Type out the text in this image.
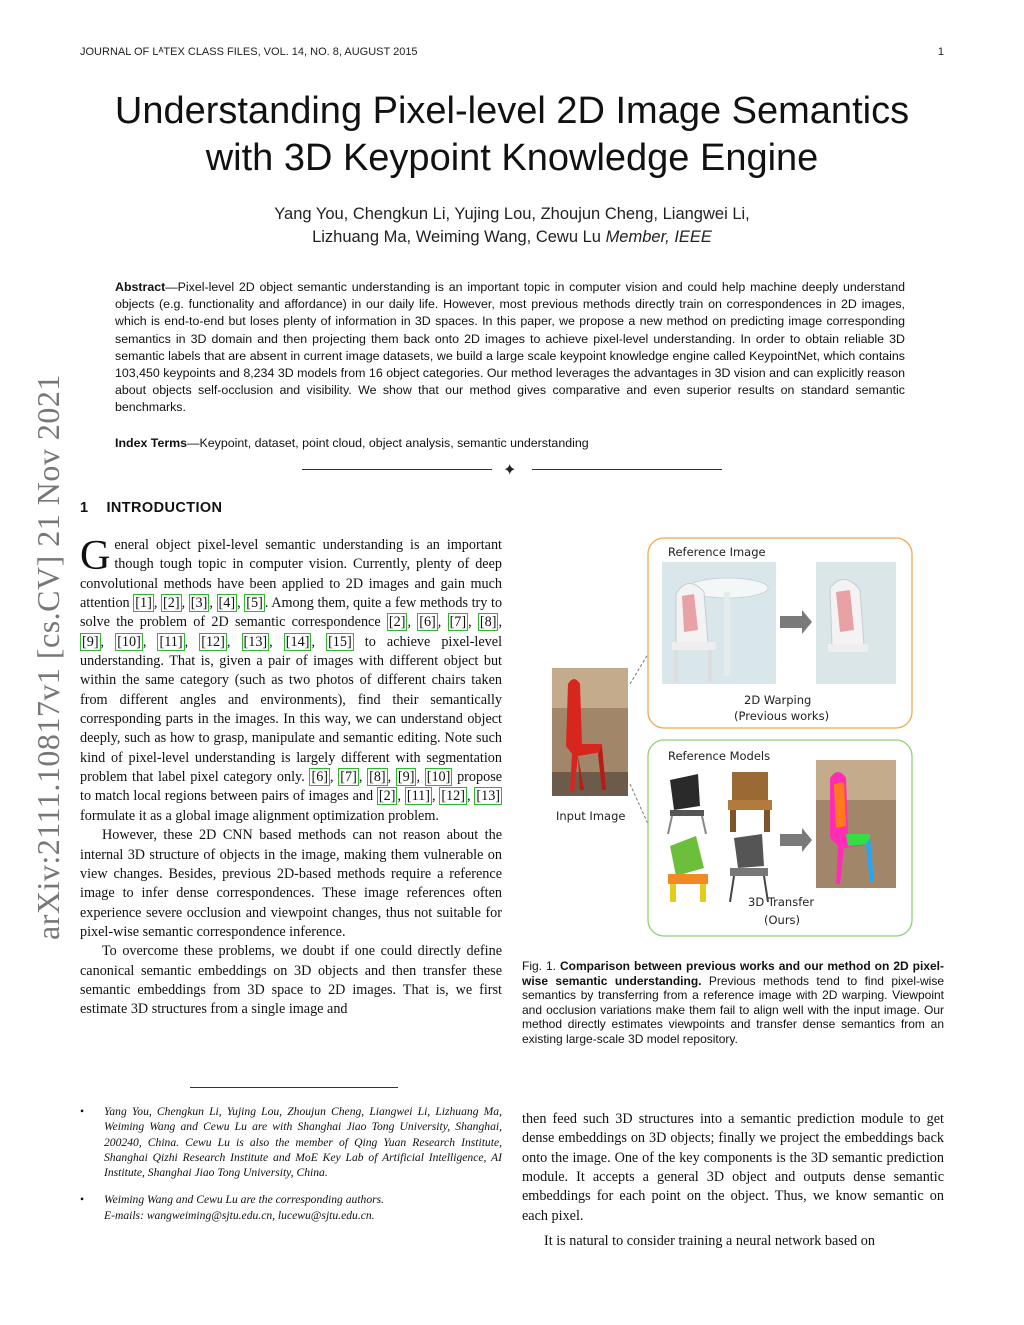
JOURNAL OF LᴬTEX CLASS FILES, VOL. 14, NO. 8, AUGUST 2015	1
arXiv:2111.10817v1 [cs.CV] 21 Nov 2021
Understanding Pixel-level 2D Image Semantics
with 3D Keypoint Knowledge Engine
Yang You, Chengkun Li, Yujing Lou, Zhoujun Cheng, Liangwei Li,
Lizhuang Ma, Weiming Wang, Cewu Lu Member, IEEE
Abstract—Pixel-level 2D object semantic understanding is an important topic in computer vision and could help machine deeply understand objects (e.g. functionality and affordance) in our daily life. However, most previous methods directly train on correspondences in 2D images, which is end-to-end but loses plenty of information in 3D spaces. In this paper, we propose a new method on predicting image corresponding semantics in 3D domain and then projecting them back onto 2D images to achieve pixel-level understanding. In order to obtain reliable 3D semantic labels that are absent in current image datasets, we build a large scale keypoint knowledge engine called KeypointNet, which contains 103,450 keypoints and 8,234 3D models from 16 object categories. Our method leverages the advantages in 3D vision and can explicitly reason about objects self-occlusion and visibility. We show that our method gives comparative and even superior results on standard semantic benchmarks.
Index Terms—Keypoint, dataset, point cloud, object analysis, semantic understanding
✦
1 INTRODUCTION

General object pixel-level semantic understanding is an important though tough topic in computer vision. Currently, plenty of deep convolutional methods have been applied to 2D images and gain much attention [1] , [2] , [3] , [4] , [5] . Among them, quite a few methods try to solve the problem of 2D semantic correspondence [2] , [6] , [7] , [8] , [9] , [10] , [11] , [12] , [13] , [14] , [15] to achieve pixel-level understanding. That is, given a pair of images with different object but within the same category (such as two photos of different chairs taken from different angles and environments), find their semantically corresponding parts in the images. In this way, we can understand object deeply, such as how to grasp, manipulate and semantic editing. Note such kind of pixel-level understanding is largely different with segmentation problem that label pixel category only. [6] , [7] , [8] , [9] , [10] propose to match local regions between pairs of images and [2] , [11] , [12] , [13] formulate it as a global image alignment optimization problem.

However, these 2D CNN based methods can not reason about the internal 3D structure of objects in the image, making them vulnerable on view changes. Besides, previous 2D-based methods require a reference image to infer dense correspondences. These image references often experience severe occlusion and viewpoint changes, thus not suitable for pixel-wise semantic correspondence inference.

To overcome these problems, we doubt if one could directly define canonical semantic embeddings on 3D objects and then transfer these semantic embeddings from 3D space to 2D images. That is, we first estimate 3D structures from a single image and

• Yang You, Chengkun Li, Yujing Lou, Zhoujun Cheng, Liangwei Li, Lizhuang Ma, Weiming Wang and Cewu Lu are with Shanghai Jiao Tong University, Shanghai, 200240, China. Cewu Lu is also the member of Qing Yuan Research Institute, Shanghai Qizhi Research Institute and MoE Key Lab of Artificial Intelligence, AI Institute, Shanghai Jiao Tong University, China.
• Weiming Wang and Cewu Lu are the corresponding authors.
E-mails: wangweiming@sjtu.edu.cn, lucewu@sjtu.edu.cn.
Input Image
Reference Image
2D Warping
(Previous works)
Reference Models
3D Transfer
(Ours)
Fig. 1. Comparison between previous works and our method on 2D pixel-wise semantic understanding. Previous methods tend to find pixel-wise semantics by transferring from a reference image with 2D warping. Viewpoint and occlusion variations make them fail to align well with the input image. Our method directly estimates viewpoints and transfer dense semantics from an existing large-scale 3D model repository.

then feed such 3D structures into a semantic prediction module to get dense embeddings on 3D objects; finally we project the embeddings back onto the image. One of the key components is the 3D semantic prediction module. It accepts a general 3D object and outputs dense semantic embeddings for each point on the object. Thus, we know semantic on each pixel.

It is natural to consider training a neural network based on
